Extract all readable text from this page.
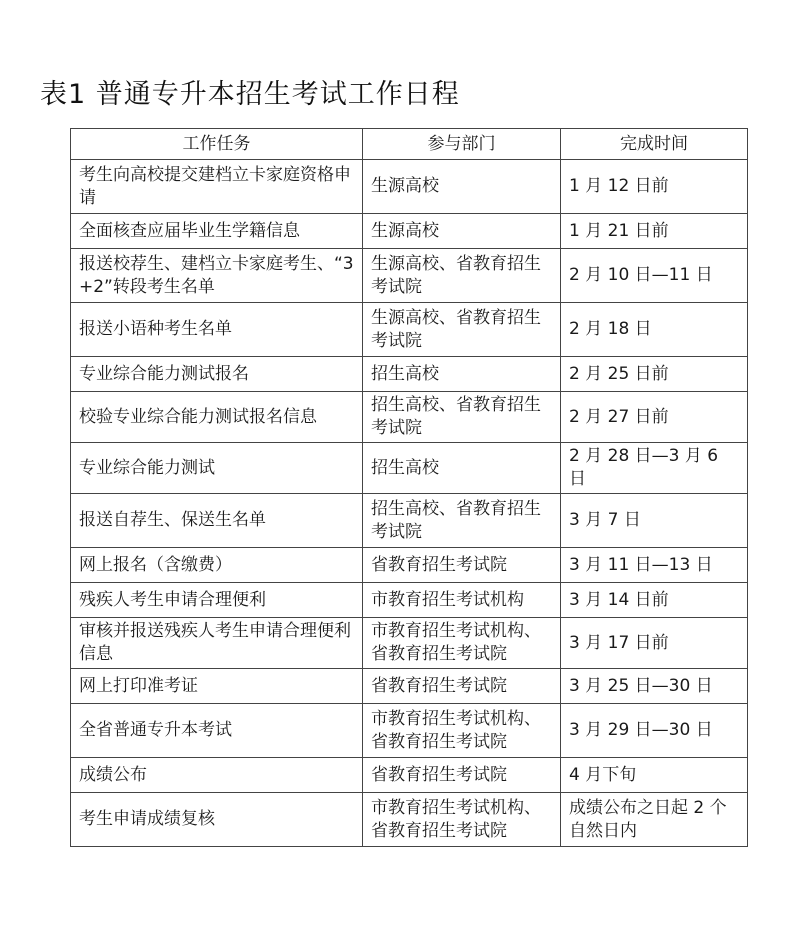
表1 普通专升本招生考试工作日程
工作任务	参与部门	完成时间
考生向高校提交建档立卡家庭资格申请	生源高校	1 月 12 日前
全面核查应届毕业生学籍信息	生源高校	1 月 21 日前
报送校荐生、建档立卡家庭考生、“3+2”转段考生名单	生源高校、省教育招生考试院	2 月 10 日—11 日
报送小语种考生名单	生源高校、省教育招生考试院	2 月 18 日
专业综合能力测试报名	招生高校	2 月 25 日前
校验专业综合能力测试报名信息	招生高校、省教育招生考试院	2 月 27 日前
专业综合能力测试	招生高校	2 月 28 日—3 月 6 日
报送自荐生、保送生名单	招生高校、省教育招生考试院	3 月 7 日
网上报名（含缴费）	省教育招生考试院	3 月 11 日—13 日
残疾人考生申请合理便利	市教育招生考试机构	3 月 14 日前
审核并报送残疾人考生申请合理便利信息	市教育招生考试机构、省教育招生考试院	3 月 17 日前
网上打印准考证	省教育招生考试院	3 月 25 日—30 日
全省普通专升本考试	市教育招生考试机构、省教育招生考试院	3 月 29 日—30 日
成绩公布	省教育招生考试院	4 月下旬
考生申请成绩复核	市教育招生考试机构、省教育招生考试院	成绩公布之日起 2 个自然日内
